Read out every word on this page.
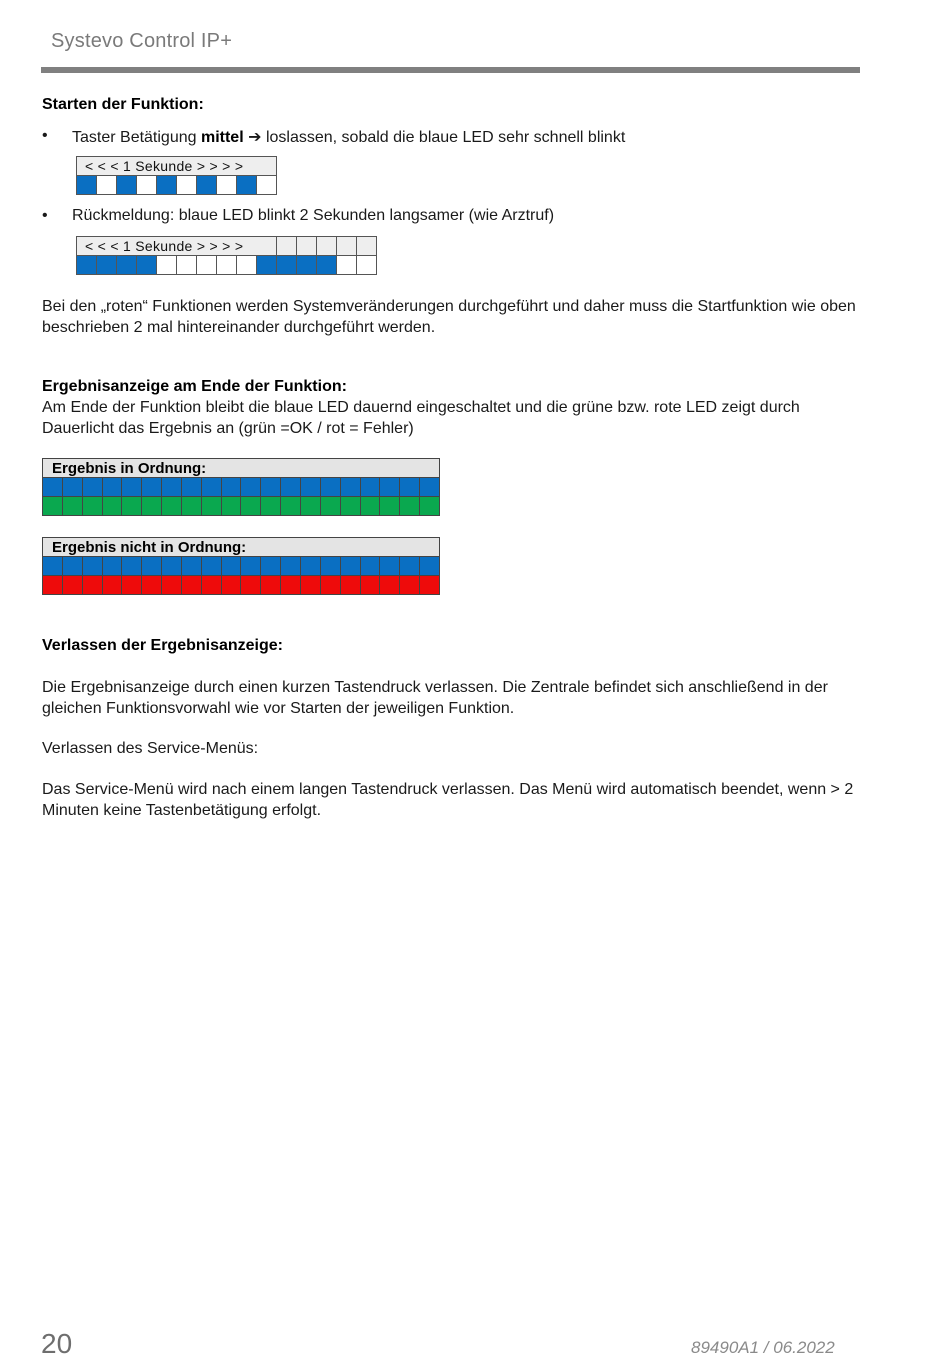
Systevo Control IP+
Starten der Funktion:
• Taster Betätigung mittel ➔ loslassen, sobald die blaue LED sehr schnell blinkt
< < < 1 Sekunde > > > >

• Rückmeldung: blaue LED blinkt 2 Sekunden langsamer (wie Arztruf)
< < < 1 Sekunde > > > >														

Bei den „roten“ Funktionen werden Systemveränderungen durchgeführt und daher muss die Startfunktion wie oben beschrieben 2 mal hintereinander durchgeführt werden.
Ergebnisanzeige am Ende der Funktion:
Am Ende der Funktion bleibt die blaue LED dauernd eingeschaltet und die grüne bzw. rote LED zeigt durch Dauerlicht das Ergebnis an (grün =OK / rot = Fehler)
Ergebnis in Ordnung:																			

Ergebnis nicht in Ordnung:																			

Verlassen der Ergebnisanzeige:
Die Ergebnisanzeige durch einen kurzen Tastendruck verlassen. Die Zentrale befindet sich anschließend in der gleichen Funktionsvorwahl wie vor Starten der jeweiligen Funktion.
Verlassen des Service-Menüs:
Das Service-Menü wird nach einem langen Tastendruck verlassen. Das Menü wird automatisch beendet, wenn > 2 Minuten keine Tastenbetätigung erfolgt.
20	89490A1 / 06.2022
